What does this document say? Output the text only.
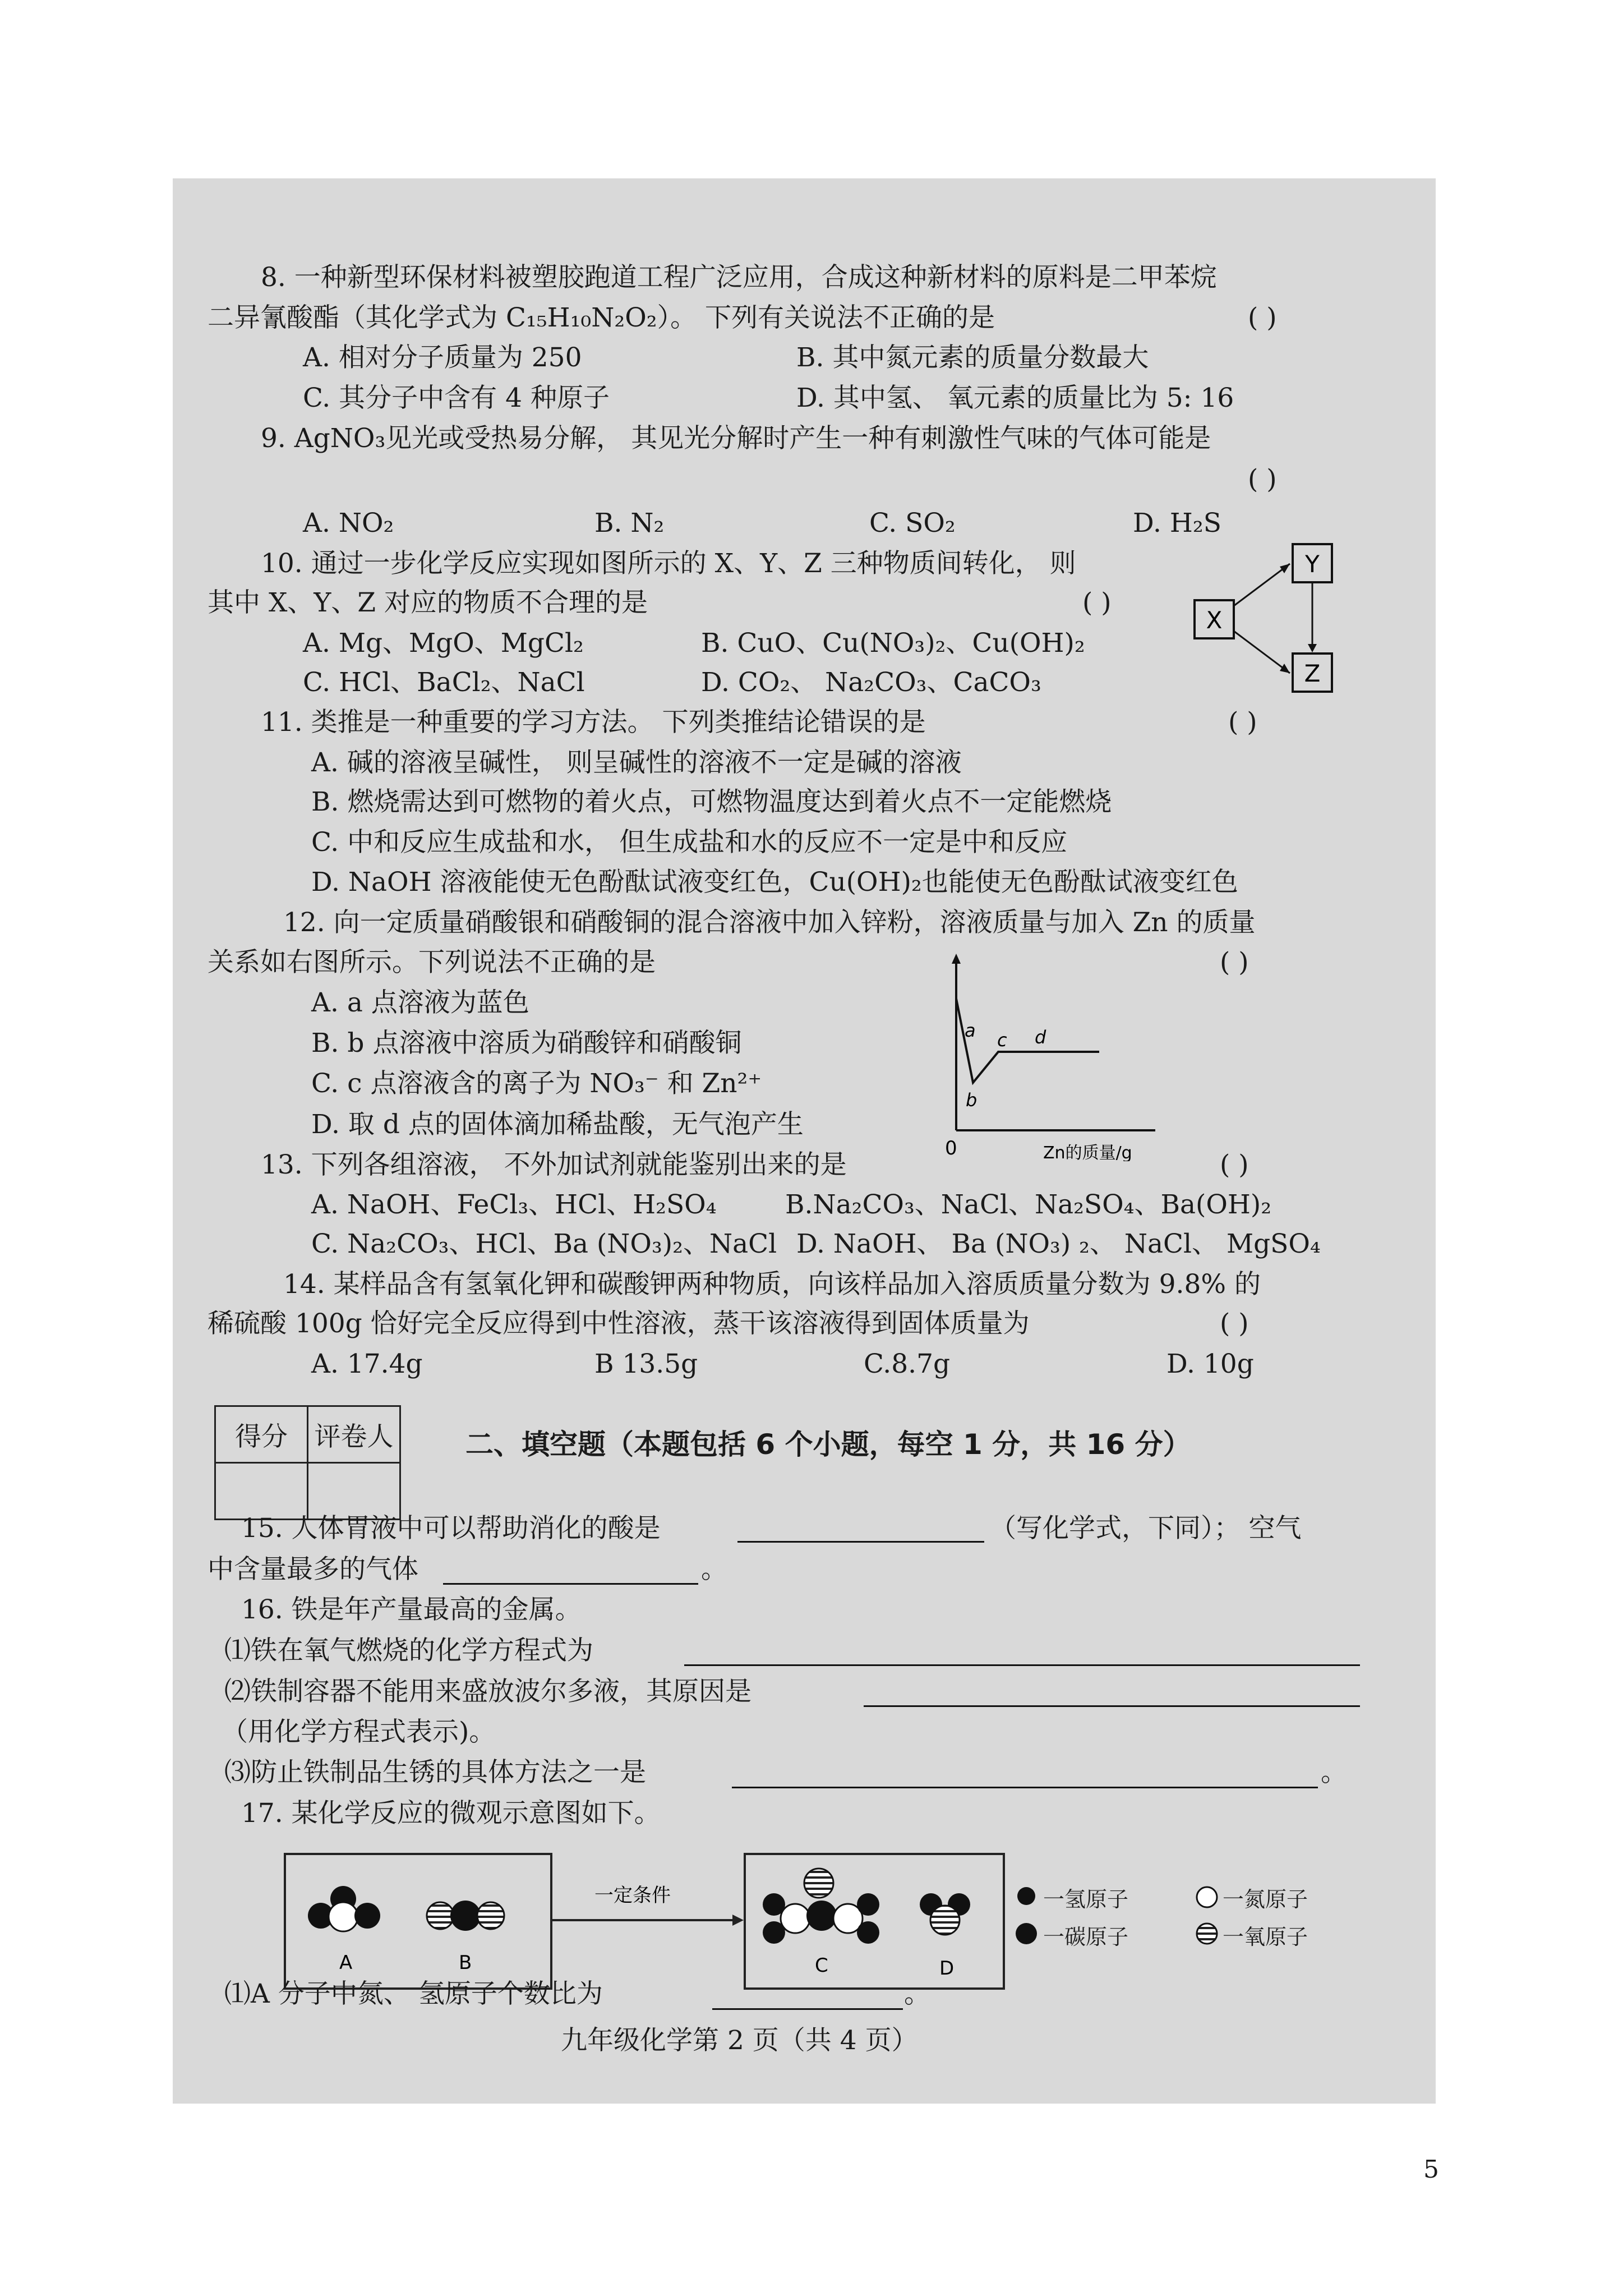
8. 一种新型环保材料被塑胶跑道工程广泛应用，合成这种新材料的原料是二甲苯烷
二异氰酸酯（其化学式为 C₁₅H₁₀N₂O₂）。 下列有关说法不正确的是	( )
A. 相对分子质量为 250	B. 其中氮元素的质量分数最大
C. 其分子中含有 4 种原子	D. 其中氢、 氧元素的质量比为 5: 16
9. AgNO₃见光或受热易分解， 其见光分解时产生一种有刺激性气味的气体可能是
( )
A. NO₂	B. N₂	C. SO₂	D. H₂S
10. 通过一步化学反应实现如图所示的 X、Y、Z 三种物质间转化， 则
其中 X、Y、Z 对应的物质不合理的是	( )
A. Mg、MgO、MgCl₂	B. CuO、Cu(NO₃)₂、Cu(OH)₂
C. HCl、BaCl₂、NaCl	D. CO₂、 Na₂CO₃、CaCO₃
X
Y
Z
11. 类推是一种重要的学习方法。 下列类推结论错误的是	( )
A. 碱的溶液呈碱性， 则呈碱性的溶液不一定是碱的溶液
B. 燃烧需达到可燃物的着火点，可燃物温度达到着火点不一定能燃烧
C. 中和反应生成盐和水， 但生成盐和水的反应不一定是中和反应
D. NaOH 溶液能使无色酚酞试液变红色，Cu(OH)₂也能使无色酚酞试液变红色
12. 向一定质量硝酸银和硝酸铜的混合溶液中加入锌粉，溶液质量与加入 Zn 的质量
关系如右图所示。下列说法不正确的是	( )
A. a 点溶液为蓝色
B. b 点溶液中溶质为硝酸锌和硝酸铜
C. c 点溶液含的离子为 NO₃⁻ 和 Zn²⁺
D. 取 d 点的固体滴加稀盐酸，无气泡产生
a
b
c d
0	Zn的质量/g
13. 下列各组溶液， 不外加试剂就能鉴别出来的是	( )
A. NaOH、FeCl₃、HCl、H₂SO₄	B.Na₂CO₃、NaCl、Na₂SO₄、Ba(OH)₂
C. Na₂CO₃、HCl、Ba (NO₃)₂、NaCl D. NaOH、 Ba (NO₃) ₂、 NaCl、 MgSO₄
14. 某样品含有氢氧化钾和碳酸钾两种物质，向该样品加入溶质质量分数为 9.8% 的
稀硫酸 100g 恰好完全反应得到中性溶液，蒸干该溶液得到固体质量为	( )
A. 17.4g	B 13.5g	C.8.7g	D. 10g
得分	评卷人
		二、填空题（本题包括 6 个小题，每空 1 分，共 16 分）
15. 人体胃液中可以帮助消化的酸是	（写化学式，下同）； 空气
中含量最多的气体	。
16. 铁是年产量最高的金属。
⑴铁在氧气燃烧的化学方程式为
⑵铁制容器不能用来盛放波尔多液，其原因是
（用化学方程式表示)。
⑶防止铁制品生锈的具体方法之一是	。
17. 某化学反应的微观示意图如下。
A	B
一定条件
C	D
一氢原子	一氮原子
一碳原子	一氧原子
⑴A 分子中氮、 氢原子个数比为	。
九年级化学第 2 页（共 4 页）
5
